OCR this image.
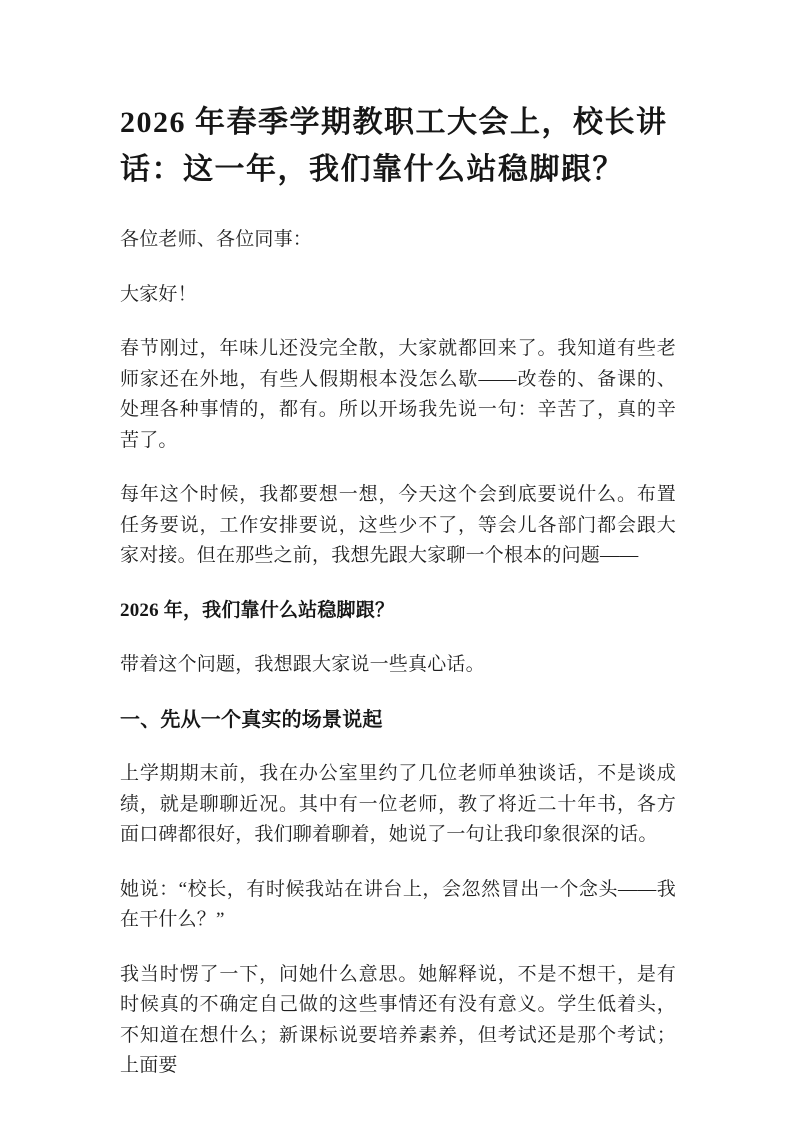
2026 年春季学期教职工大会上，校长讲话：这一年，我们靠什么站稳脚跟？

各位老师、各位同事：

大家好！

春节刚过，年味儿还没完全散，大家就都回来了。我知道有些老师家还在外地，有些人假期根本没怎么歇——改卷的、备课的、处理各种事情的，都有。所以开场我先说一句：辛苦了，真的辛苦了。

每年这个时候，我都要想一想，今天这个会到底要说什么。布置任务要说，工作安排要说，这些少不了，等会儿各部门都会跟大家对接。但在那些之前，我想先跟大家聊一个根本的问题——

2026 年，我们靠什么站稳脚跟？

带着这个问题，我想跟大家说一些真心话。

一、先从一个真实的场景说起

上学期期末前，我在办公室里约了几位老师单独谈话，不是谈成绩，就是聊聊近况。其中有一位老师，教了将近二十年书，各方面口碑都很好，我们聊着聊着，她说了一句让我印象很深的话。

她说：“校长，有时候我站在讲台上，会忽然冒出一个念头——我在干什么？”

我当时愣了一下，问她什么意思。她解释说，不是不想干，是有时候真的不确定自己做的这些事情还有没有意义。学生低着头，不知道在想什么；新课标说要培养素养，但考试还是那个考试；上面要
